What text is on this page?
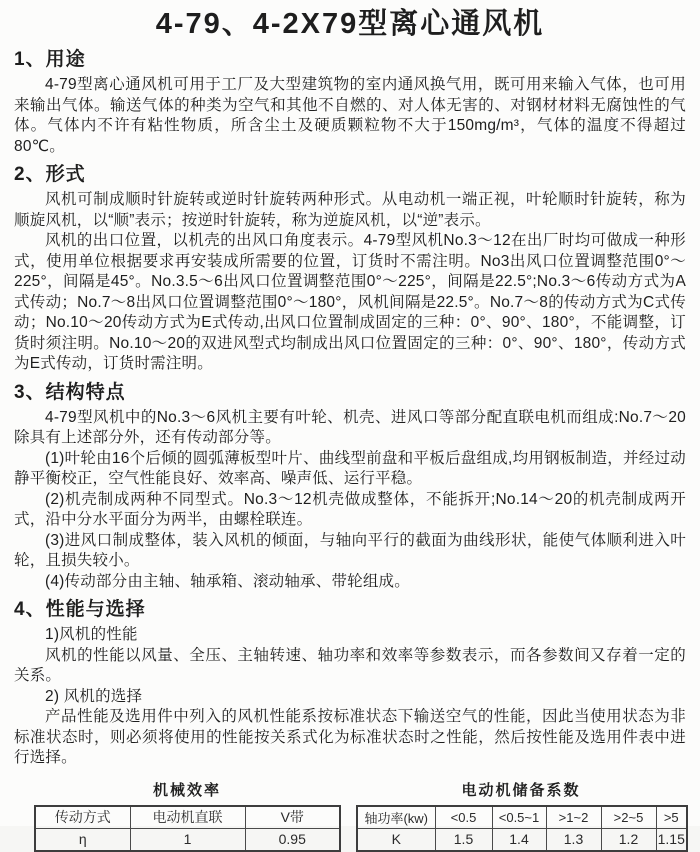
4-79、4-2X79型离心通风机
1、用途

4-79型离心通风机可用于工厂及大型建筑物的室内通风换气用，既可用来输入气体，也可用来输出气体。输送气体的种类为空气和其他不自燃的、对人体无害的、对钢材材料无腐蚀性的气体。气体内不许有粘性物质，所含尘土及硬质颗粒物不大于150mg/m³，气体的温度不得超过80℃。

2、形式

风机可制成顺时针旋转或逆时针旋转两种形式。从电动机一端正视，叶轮顺时针旋转，称为顺旋风机，以“顺”表示；按逆时针旋转，称为逆旋风机，以“逆”表示。

风机的出口位置，以机壳的出风口角度表示。4-79型风机No.3～12在出厂时均可做成一种形式，使用单位根据要求再安装成所需要的位置，订货时不需注明。No3出风口位置调整范围0°～225°，间隔是45°。No.3.5～6出风口位置调整范围0°～225°，间隔是22.5°;No.3～6传动方式为A式传动；No.7～8出风口位置调整范围0°～180°，风机间隔是22.5°。No.7～8的传动方式为C式传动；No.10～20传动方式为E式传动,出风口位置制成固定的三种：0°、90°、180°，不能调整，订货时须注明。No.10～20的双进风型式均制成出风口位置固定的三种：0°、90°、180°，传动方式为E式传动，订货时需注明。

3、结构特点

4-79型风机中的No.3～6风机主要有叶轮、机壳、进风口等部分配直联电机而组成:No.7～20除具有上述部分外，还有传动部分等。

(1)叶轮由16个后倾的圆弧薄板型叶片、曲线型前盘和平板后盘组成,均用钢板制造，并经过动静平衡校正，空气性能良好、效率高、噪声低、运行平稳。

(2)机壳制成两种不同型式。No.3～12机壳做成整体，不能拆开;No.14～20的机壳制成两开式，沿中分水平面分为两半，由螺栓联连。

(3)进风口制成整体，装入风机的倾面，与轴向平行的截面为曲线形状，能使气体顺利进入叶轮，且损失较小。

(4)传动部分由主轴、轴承箱、滚动轴承、带轮组成。

4、性能与选择

1)风机的性能

风机的性能以风量、全压、主轴转速、轴功率和效率等参数表示，而各参数间又存着一定的关系。

2) 风机的选择

产品性能及选用件中列入的风机性能系按标准状态下输送空气的性能，因此当使用状态为非标准状态时，则必须将使用的性能按关系式化为标准状态时之性能，然后按性能及选用件表中进行选择。

机械效率
传动方式	电动机直联	V带
η	1	0.95
电动机储备系数
轴功率(kw)	<0.5	<0.5~1	>1~2	>2~5	>5
K	1.5	1.4	1.3	1.2	1.15
